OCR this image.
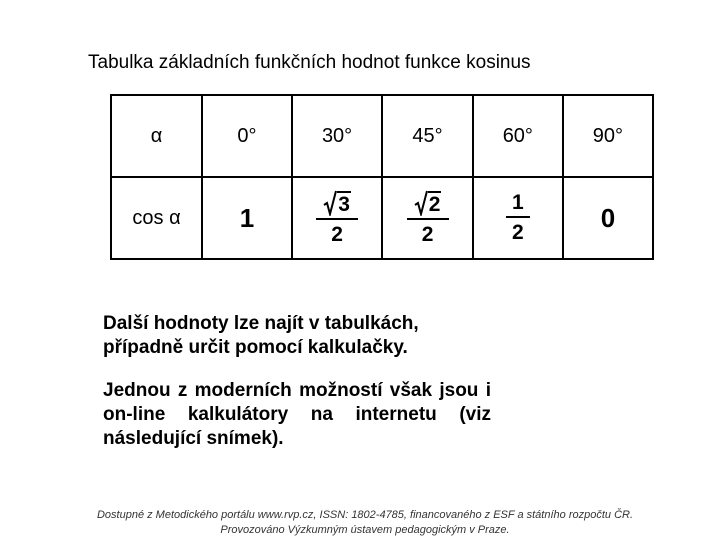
Tabulka základních funkčních hodnot funkce kosinus
α	0°	30°	45°	60°	90°
cos α	1	$\frac{3}{2}$	$\frac{2}{2}$	$\frac{1}{2}$	0
Další hodnoty lze najít v tabulkách, případně určit pomocí kalkulačky.
Jednou z moderních možností však jsou i on-line kalkulátory na internetu (viz následující snímek).
Dostupné z Metodického portálu www.rvp.cz, ISSN: 1802-4785, financovaného z ESF a státního rozpočtu ČR.
Provozováno Výzkumným ústavem pedagogickým v Praze.
